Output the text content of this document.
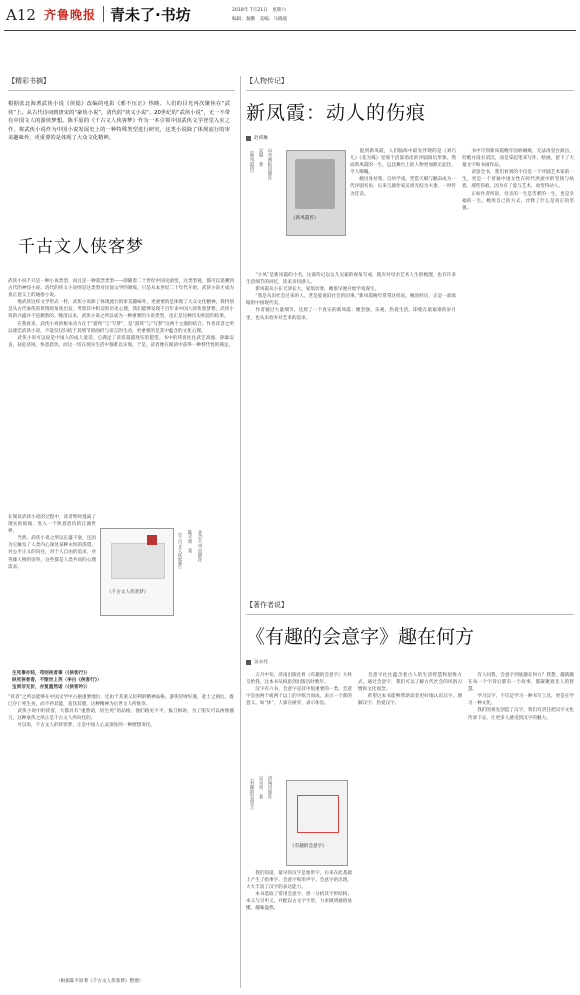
A12 齐鲁晚报 青未了·书坊	2018年 7月21日　星期六
编辑：秦鹏　美编：马晓迪
【精彩书摘】
根据张北海著武侠小说《侠隐》改编的电影《邪不压正》热映，人们的目光再次聚焦在“武侠”上。从古代诗词到唐宋的“豪侠小说”，清代的“侠义小说”、20世纪的“武侠小说”，无一不带有中国文人的游侠梦想。陈平原的《千古文人侠客梦》作为一本引领中国武侠文学登堂入室之作，将武侠小说作为中国小说发展史上的一种特殊类型进行研究，这类小说除了体现流行的审美趣味外，更重要的是体现了大众文化精神。
千古文人侠客梦
武侠小说不只是一种小说类型，而且是一种遥念类型——即随着二十世纪中国史剧变，这类型观，都可以追溯到古代的神怪小说。清代的侠义小说则是这类型对民间文学的吸收。只是从本世纪二十年代开始，武侠小说才成为真正意义上的通俗小说。
　　像武侠这样文学形式一样，武侠小说除了体现流行的审美趣味外，更重要的是体现了大众文化精神，我特别是从古代豪侠的侠情的角度出发，考察其中积淀的历史心理，我们能够发现千百年来中国人的侠客梦想，武侠小说的兴盛并不是偶然的。晚清以来，武侠小说之所以成为一种重要的小说类型，也正是这种历史积淀的结果。
　　在我看来，武侠小说的根本动力在于“游侠”与“写梦”，是“游侠”与“写梦”这两个主题的结合。作者读者之所以迷恋武侠小说，不能仅仅归结于其情节的曲折与语言的生动，更重要的是其中蕴含的文化心理。
　　武侠小说可以说是中国人的成人童话，它满足了读者超越现实的愿望。书中的侠客往往武艺高强，除暴安良，扶危济困，快意恩仇，而这一切在现实生活中都难以实现。于是，读者便在阅读中获得一种替代性的满足。
在阅读武侠小说的过程中，读者暂时逃离了现实的烦恼，进入一个快意恩仇的江湖世界。
　　当然，武侠小说之所以长盛不衰，还因为它触及了人类内心深处某种永恒的渴望。对公平正义的向往，对个人自由的追求，对英雄人物的崇拜，这些都是人类共同的心理需求。
《千古文人侠客梦》
《千古文人侠客梦》 陈平原　著 北京大学出版社
生死事亦轻，苟则侠者事（《侠客行》）
纵死侠骨香，不惭世上英（李白《侠客行》）
宝剑非无价，亦复重然诺（《侠客吟》）
“侠者”之所以能够在中国文学中占据重要地位，还由于其重义轻利的精神品格。游侠轻财好施，赴士之困厄，既已存亡死生矣，而不矜其能，羞伐其德，这种精神为后世文人所推崇。
　　武侠小说中的侠客，大都具有“重然诺，轻生死”的品格，他们路见不平，拔刀相助，为了朋友可以两肋插刀，这种豪侠之风正是千古文人所向往的。
　　可以说，千古文人的侠客梦，正是中国人心灵深处的一种理想寄托。
（根据陈平原著《千古文人侠客梦》整理）
【人物传记】
新凤霞：动人的伤痕
赵祺琳
《新凤霞传》 吴霜　著 山东画报出版社
《新凤霞传》
　　提到新凤霞，人们脑海中最先浮现的是《刘巧儿》《花为媒》里那个活泼俏皮的评剧演员形象。然而新凤霞的一生，远比舞台上的人物更加跌宕起伏，令人唏嘘。
　　她出身贫寒，自幼学戏，凭借天赋与勤奋成为一代评剧名角。后来与剧作家吴祖光结为夫妻，一时传为佳话。
　　“小凤”是新凤霞的小名，这部传记以女儿吴霜的视角写成，既有对母亲艺术人生的梳理，也有许多生活细节的回忆，读来亲切感人。
　　新凤霞从小在天津长大，家境贫寒，她很早便开始学戏谋生。
　　“我是从旧社会过来的人，老是爱说旧社会的旧事。”新凤霞晚年常常这样说。她的经历，正是一部浓缩的中国现代史。
　　作者通过大量细节，还原了一个真实的新凤霞：她坚强、乐观、热爱生活，即使在最艰难的岁月里，也从未放弃对艺术的追求。
　　书中写到新凤霞晚年因病瘫痪，无法再登台演出，但她并没有消沉，而是拿起笔来写作、绘画，留下了大量文字和书画作品。
　　读罢全书，我们看到的不仅是一个评剧艺术家的一生，更是一个普通中国女性在时代洪流中的坚韧与执着。那些伤痕，因为有了爱与艺术，而变得动人。
　　正如作者所说，母亲的一生是苦难的一生，也是幸福的一生。她用自己的方式，诠释了什么是真正的坚强。
【著作者说】
《有趣的会意字》趣在何方
吴永亮
　　五月中旬，济南出版社将《有趣的会意字》大样交给我，这本书从构思到出版历时数年。
　　汉字有六书，会意字是其中很重要的一类。会意字是由两个或两个以上的字组合而成，表示一个新的意义。如“休”，人靠在树旁，表示休息。
《有趣的会意字》 吴永亮　著 济南出版社
《有趣的会意字》
　　我们知道，最早的汉字是象形字，后来在此基础上产生了指事字、会意字和形声字。会意字的出现，大大丰富了汉字的表达能力。
　　本书选取了常用会意字，逐一分析其字形结构、本义与引申义，并配以古文字字形，力求做到通俗易懂、趣味盎然。
　　会意字往往蕴含着古人的生活智慧和思维方式。通过会意字，我们可以了解古代社会的风俗习惯和文化观念。
　　希望这本书能够帮助读者更好地认识汉字、理解汉字、热爱汉字。
　　有人问我，会意字到底趣在何方？我想，趣就趣在每一个字背后都有一个故事，都凝聚着先人的智慧。
　　学习汉字，不仅是学习一种书写工具，更是在学习一种文化。
　　我们的祖先创造了汉字，我们有责任把汉字文化传承下去，让更多人感受到汉字的魅力。
